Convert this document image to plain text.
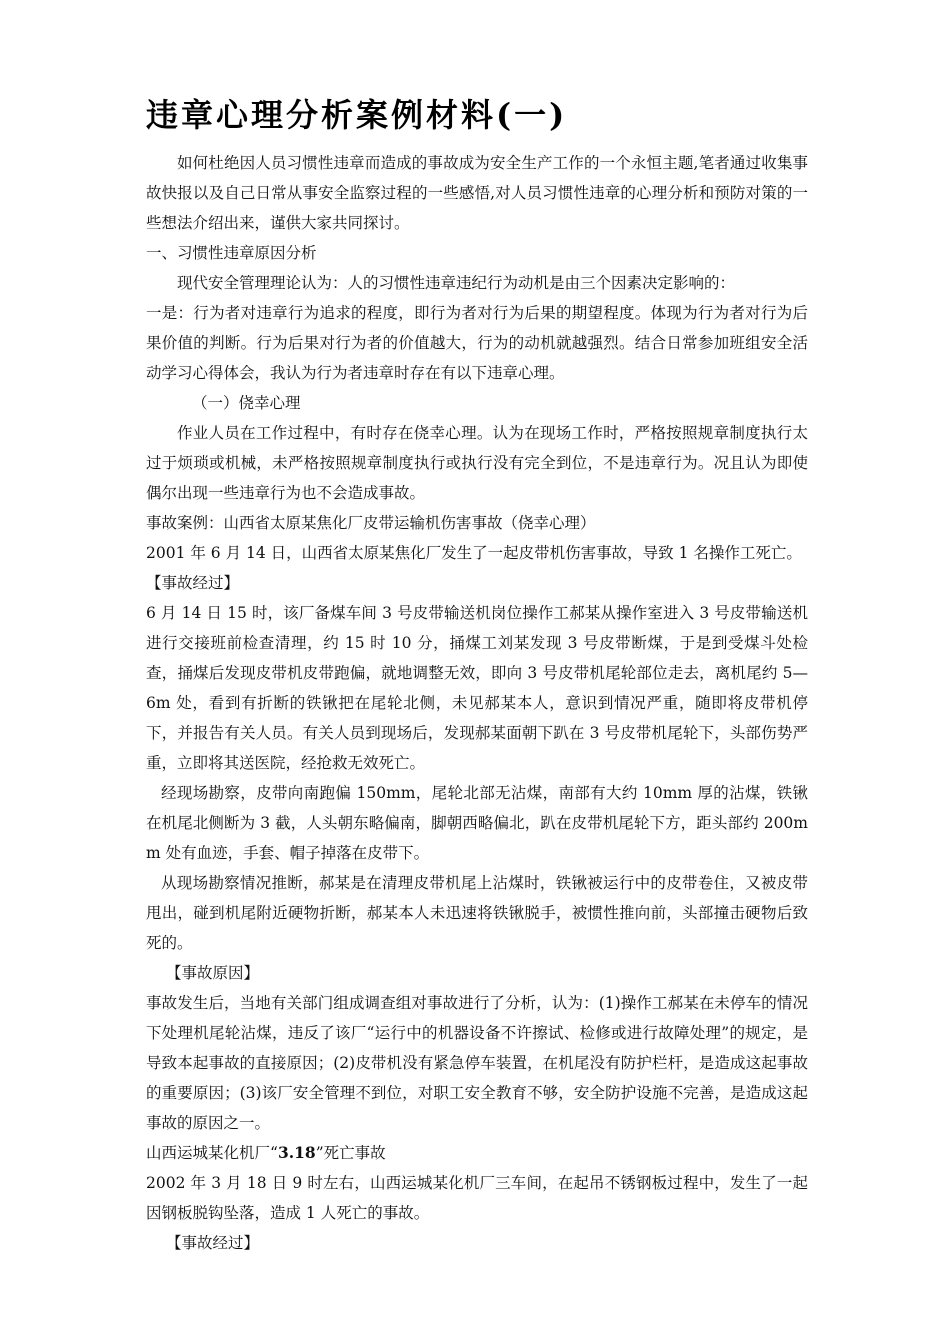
违章心理分析案例材料(一)

如何杜绝因人员习惯性违章而造成的事故成为安全生产工作的一个永恒主题,笔者通过收集事故快报以及自己日常从事安全监察过程的一些感悟,对人员习惯性违章的心理分析和预防对策的一些想法介绍出来，谨供大家共同探讨。

一、习惯性违章原因分析

现代安全管理理论认为：人的习惯性违章违纪行为动机是由三个因素决定影响的：

一是：行为者对违章行为追求的程度，即行为者对行为后果的期望程度。体现为行为者对行为后果价值的判断。行为后果对行为者的价值越大，行为的动机就越强烈。结合日常参加班组安全活动学习心得体会，我认为行为者违章时存在有以下违章心理。

（一）侥幸心理

作业人员在工作过程中，有时存在侥幸心理。认为在现场工作时，严格按照规章制度执行太过于烦琐或机械，未严格按照规章制度执行或执行没有完全到位，不是违章行为。况且认为即使偶尔出现一些违章行为也不会造成事故。

事故案例：山西省太原某焦化厂皮带运输机伤害事故（侥幸心理）

2001 年 6 月 14 日，山西省太原某焦化厂发生了一起皮带机伤害事故，导致 1 名操作工死亡。

【事故经过】

6 月 14 日 15 时，该厂备煤车间 3 号皮带输送机岗位操作工郝某从操作室进入 3 号皮带输送机进行交接班前检查清理，约 15 时 10 分，捅煤工刘某发现 3 号皮带断煤，于是到受煤斗处检查，捅煤后发现皮带机皮带跑偏，就地调整无效，即向 3 号皮带机尾轮部位走去，离机尾约 5—6m 处，看到有折断的铁锹把在尾轮北侧，未见郝某本人，意识到情况严重，随即将皮带机停下，并报告有关人员。有关人员到现场后，发现郝某面朝下趴在 3 号皮带机尾轮下，头部伤势严重，立即将其送医院，经抢救无效死亡。

经现场勘察，皮带向南跑偏 150mm，尾轮北部无沾煤，南部有大约 10mm 厚的沾煤，铁锹在机尾北侧断为 3 截，人头朝东略偏南，脚朝西略偏北，趴在皮带机尾轮下方，距头部约 200mm 处有血迹，手套、帽子掉落在皮带下。

从现场勘察情况推断，郝某是在清理皮带机尾上沾煤时，铁锹被运行中的皮带卷住，又被皮带甩出，碰到机尾附近硬物折断，郝某本人未迅速将铁锹脱手，被惯性推向前，头部撞击硬物后致死的。

【事故原因】

事故发生后，当地有关部门组成调查组对事故进行了分析，认为：(1)操作工郝某在未停车的情况下处理机尾轮沾煤，违反了该厂“运行中的机器设备不许擦试、检修或进行故障处理”的规定，是导致本起事故的直接原因；(2)皮带机没有紧急停车装置，在机尾没有防护栏杆，是造成这起事故的重要原因；(3)该厂安全管理不到位，对职工安全教育不够，安全防护设施不完善，是造成这起事故的原因之一。

山西运城某化机厂“3.18”死亡事故

2002 年 3 月 18 日 9 时左右，山西运城某化机厂三车间，在起吊不锈钢板过程中，发生了一起因钢板脱钩坠落，造成 1 人死亡的事故。

【事故经过】
